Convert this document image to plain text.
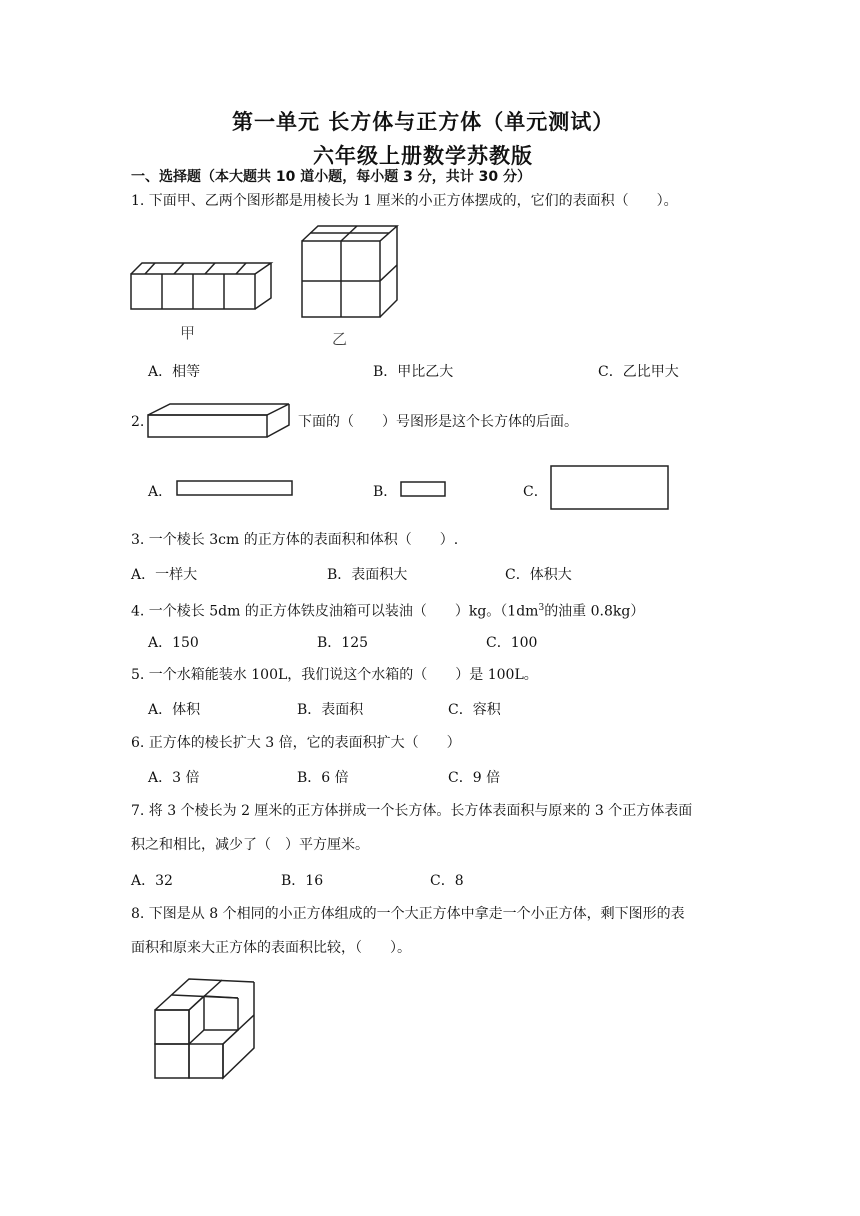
第一单元 长方体与正方体（单元测试）
六年级上册数学苏教版
一、选择题（本大题共 10 道小题，每小题 3 分，共计 30 分）
1. 下面甲、乙两个图形都是用棱长为 1 厘米的小正方体摆成的，它们的表面积（　　）。
甲	乙
A．相等	B．甲比乙大	C．乙比甲大
2.	下面的（　　）号图形是这个长方体的后面。
A．	B．	C．
3. 一个棱长 3cm 的正方体的表面积和体积（　　）.
A．一样大	B．表面积大	C．体积大
4. 一个棱长 5dm 的正方体铁皮油箱可以装油（　　）kg。（$1dm^3$的油重 0.8kg）
A．150	B．125	C．100
5. 一个水箱能装水 100L，我们说这个水箱的（　　）是 100L。
A．体积	B．表面积	C．容积
6. 正方体的棱长扩大 3 倍，它的表面积扩大（　　）
A．3 倍	B．6 倍	C．9 倍
7. 将 3 个棱长为 2 厘米的正方体拼成一个长方体。长方体表面积与原来的 3 个正方体表面
积之和相比，减少了（　）平方厘米。
A．32	B．16	C．8
8. 下图是从 8 个相同的小正方体组成的一个大正方体中拿走一个小正方体，剩下图形的表
面积和原来大正方体的表面积比较，（　　）。
